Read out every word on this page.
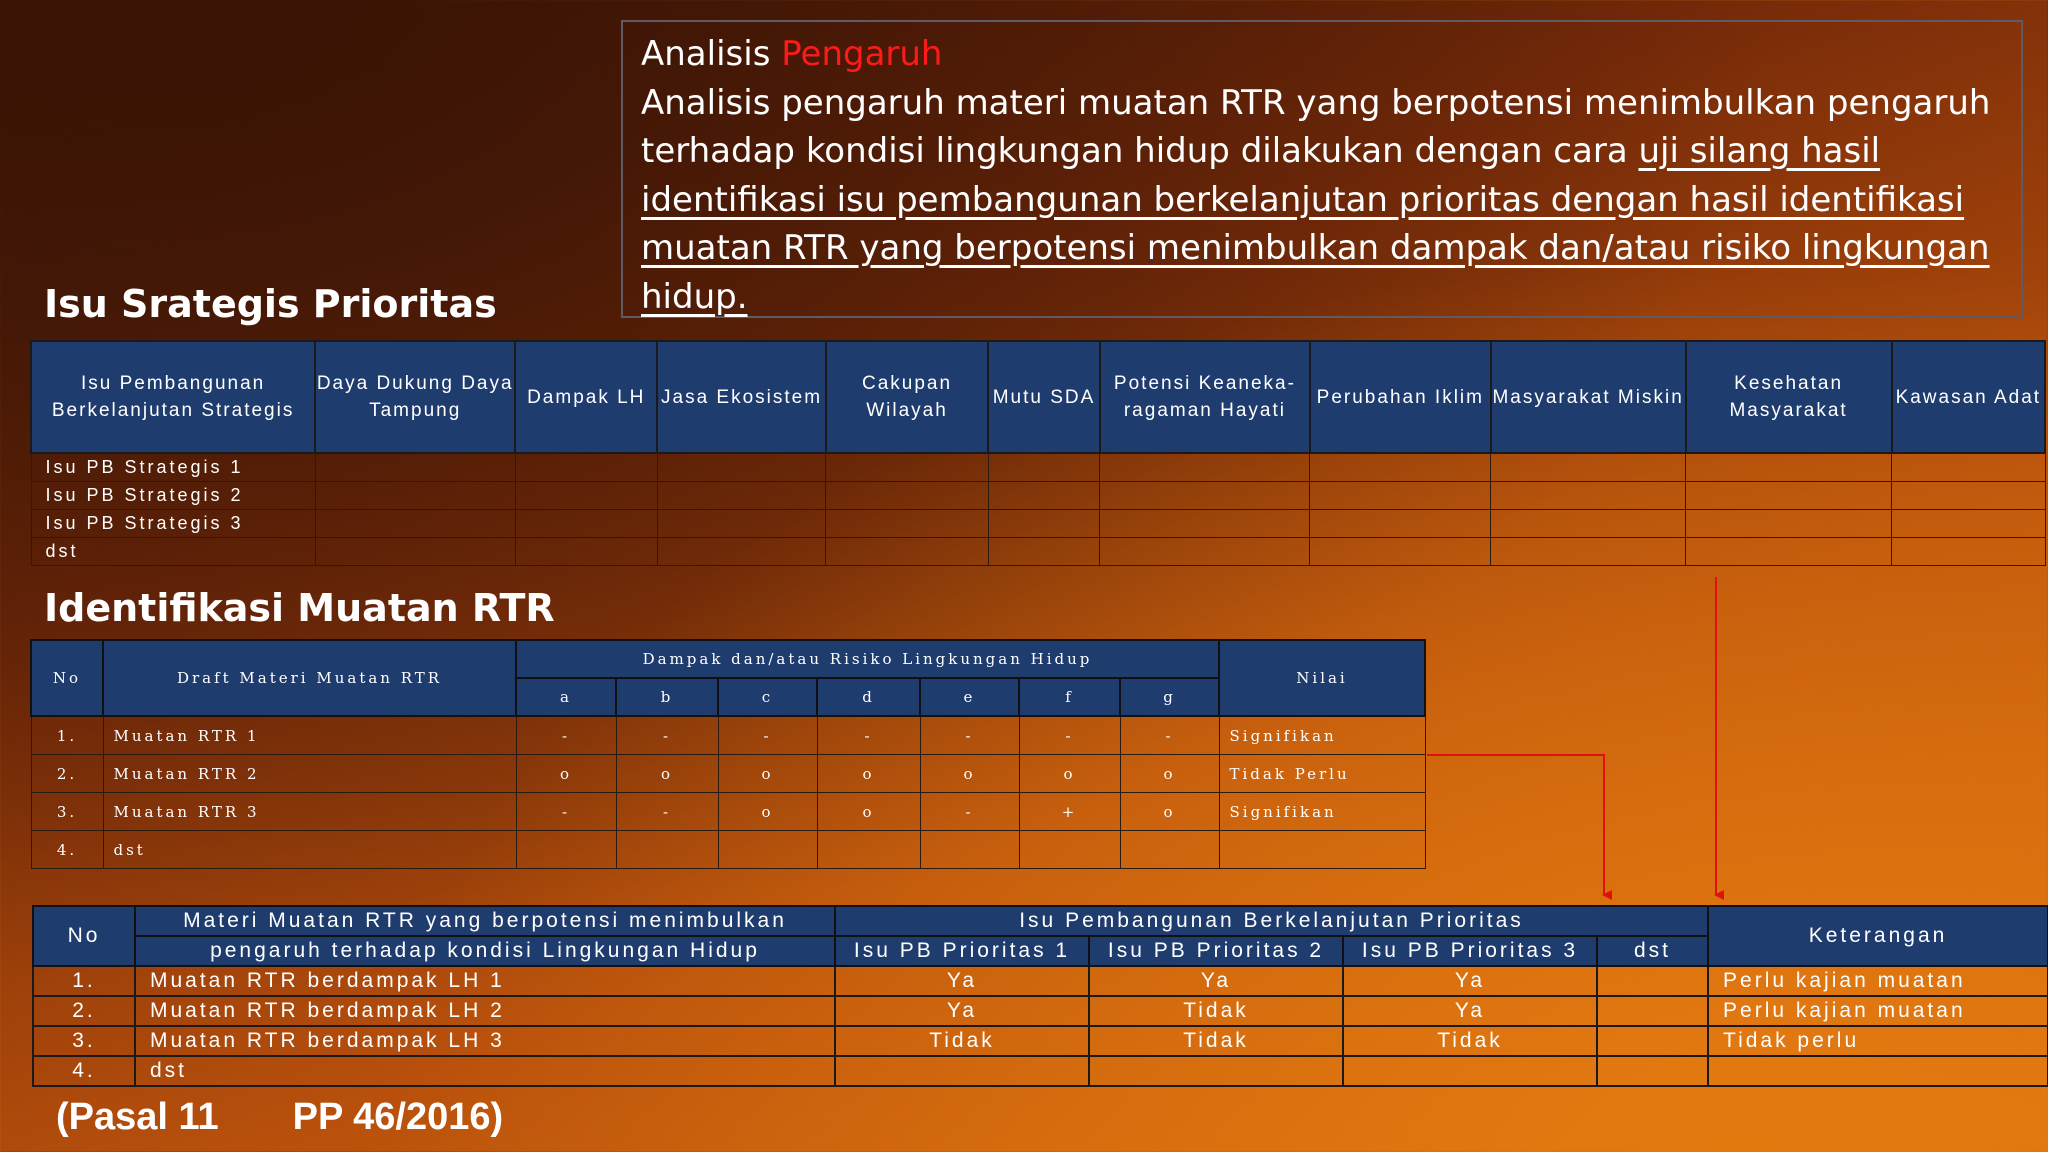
Analisis Pengaruh
Analisis pengaruh materi muatan RTR yang berpotensi menimbulkan pengaruh
terhadap kondisi lingkungan hidup dilakukan dengan cara uji silang hasil
identifikasi isu pembangunan berkelanjutan prioritas dengan hasil identifikasi
muatan RTR yang berpotensi menimbulkan dampak dan/atau risiko lingkungan
hidup.
Isu Srategis Prioritas
Isu Pembangunan Berkelanjutan Strategis	Daya Dukung Daya Tampung	Dampak LH	Jasa Ekosistem	Cakupan Wilayah	Mutu SDA	Potensi Keaneka-ragaman Hayati	Perubahan Iklim	Masyarakat Miskin	Kesehatan Masyarakat	Kawasan Adat
Isu PB Strategis 1										
Isu PB Strategis 2										
Isu PB Strategis 3										
dst										
Identifikasi Muatan RTR
No	Draft Materi Muatan RTR	Dampak dan/atau Risiko Lingkungan Hidup							Nilai
		a	b	c	d	e	f	g	
1.	Muatan RTR 1	-	-	-	-	-	-	-	Signifikan
2.	Muatan RTR 2	o	o	o	o	o	o	o	Tidak Perlu
3.	Muatan RTR 3	-	-	o	o	-	+	o	Signifikan
4.	dst								
No	Materi Muatan RTR yang berpotensi menimbulkan	Isu Pembangunan Berkelanjutan Prioritas				Keterangan
	pengaruh terhadap kondisi Lingkungan Hidup	Isu PB Prioritas 1	Isu PB Prioritas 2	Isu PB Prioritas 3	dst	
1.	Muatan RTR berdampak LH 1	Ya	Ya	Ya		Perlu kajian muatan
2.	Muatan RTR berdampak LH 2	Ya	Tidak	Ya		Perlu kajian muatan
3.	Muatan RTR berdampak LH 3	Tidak	Tidak	Tidak		Tidak perlu
4.	dst					
(Pasal 11 PP 46/2016)
